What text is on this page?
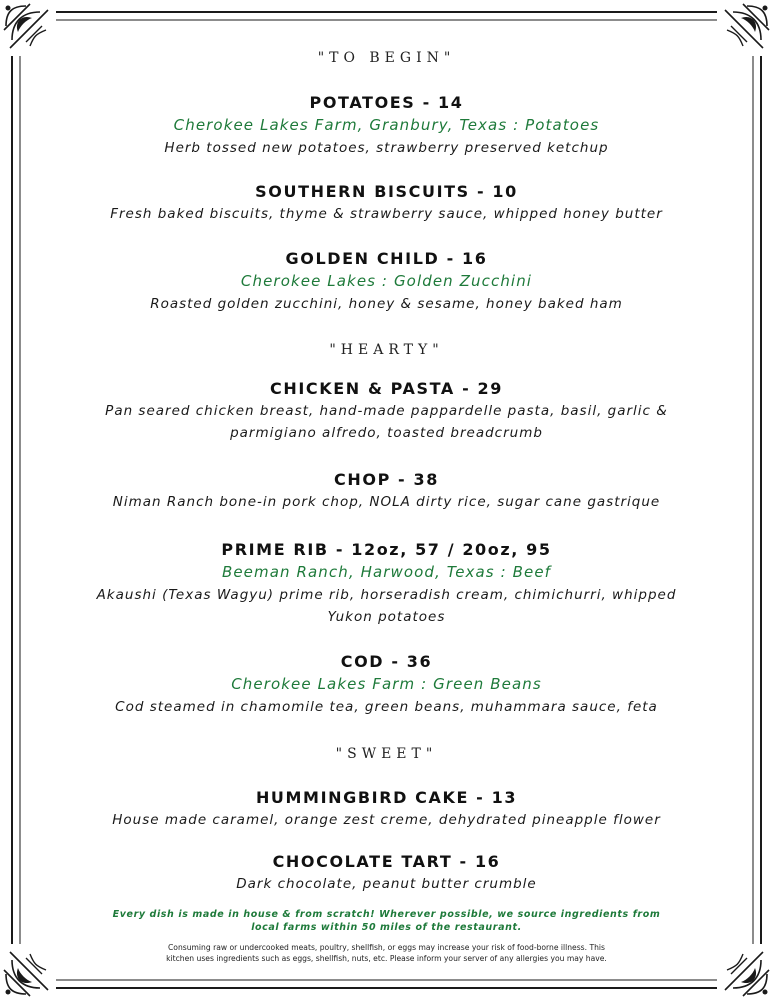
"TO BEGIN"
POTATOES - 14
Cherokee Lakes Farm, Granbury, Texas : Potatoes
Herb tossed new potatoes, strawberry preserved ketchup
SOUTHERN BISCUITS - 10
Fresh baked biscuits, thyme & strawberry sauce, whipped honey butter
GOLDEN CHILD - 16
Cherokee Lakes : Golden Zucchini
Roasted golden zucchini, honey & sesame, honey baked ham
"HEARTY"
CHICKEN & PASTA - 29
Pan seared chicken breast, hand-made pappardelle pasta, basil, garlic &
parmigiano alfredo, toasted breadcrumb
CHOP - 38
Niman Ranch bone-in pork chop, NOLA dirty rice, sugar cane gastrique
PRIME RIB - 12oz, 57 / 20oz, 95
Beeman Ranch, Harwood, Texas : Beef
Akaushi (Texas Wagyu) prime rib, horseradish cream, chimichurri, whipped
Yukon potatoes
COD - 36
Cherokee Lakes Farm : Green Beans
Cod steamed in chamomile tea, green beans, muhammara sauce, feta
"SWEET"
HUMMINGBIRD CAKE - 13
House made caramel, orange zest creme, dehydrated pineapple flower
CHOCOLATE TART - 16
Dark chocolate, peanut butter crumble
Every dish is made in house & from scratch! Wherever possible, we source ingredients from
local farms within 50 miles of the restaurant.
Consuming raw or undercooked meats, poultry, shellfish, or eggs may increase your risk of food-borne illness. This
kitchen uses ingredients such as eggs, shellfish, nuts, etc. Please inform your server of any allergies you may have.
